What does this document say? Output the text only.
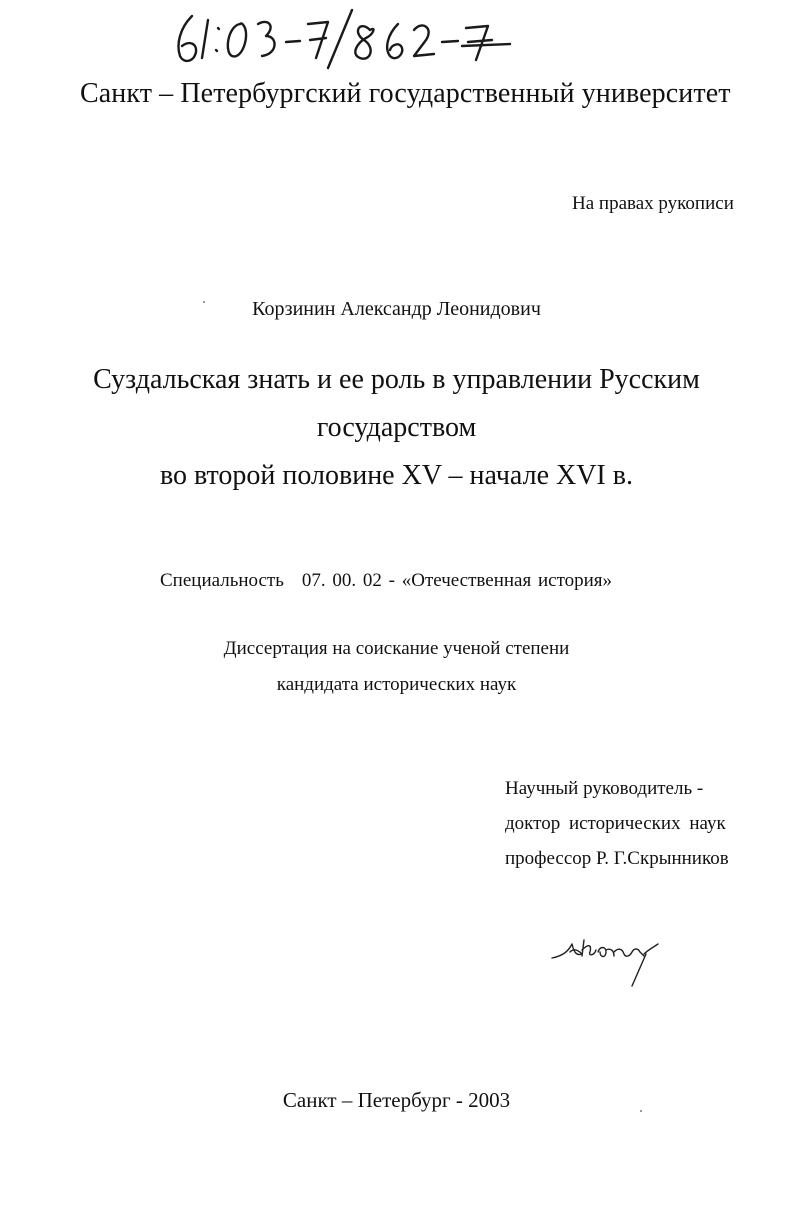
Санкт – Петербургский государственный университет
На правах рукописи
Корзинин Александр Леонидович
Суздальская знать и ее роль в управлении Русским
государством
во второй половине XV – начале XVI в.
Специальность 07. 00. 02 - «Отечественная история»
Диссертация на соискание ученой степени
кандидата исторических наук
Научный руководитель -
доктор исторических наук
профессор Р. Г.Скрынников
Санкт – Петербург - 2003
